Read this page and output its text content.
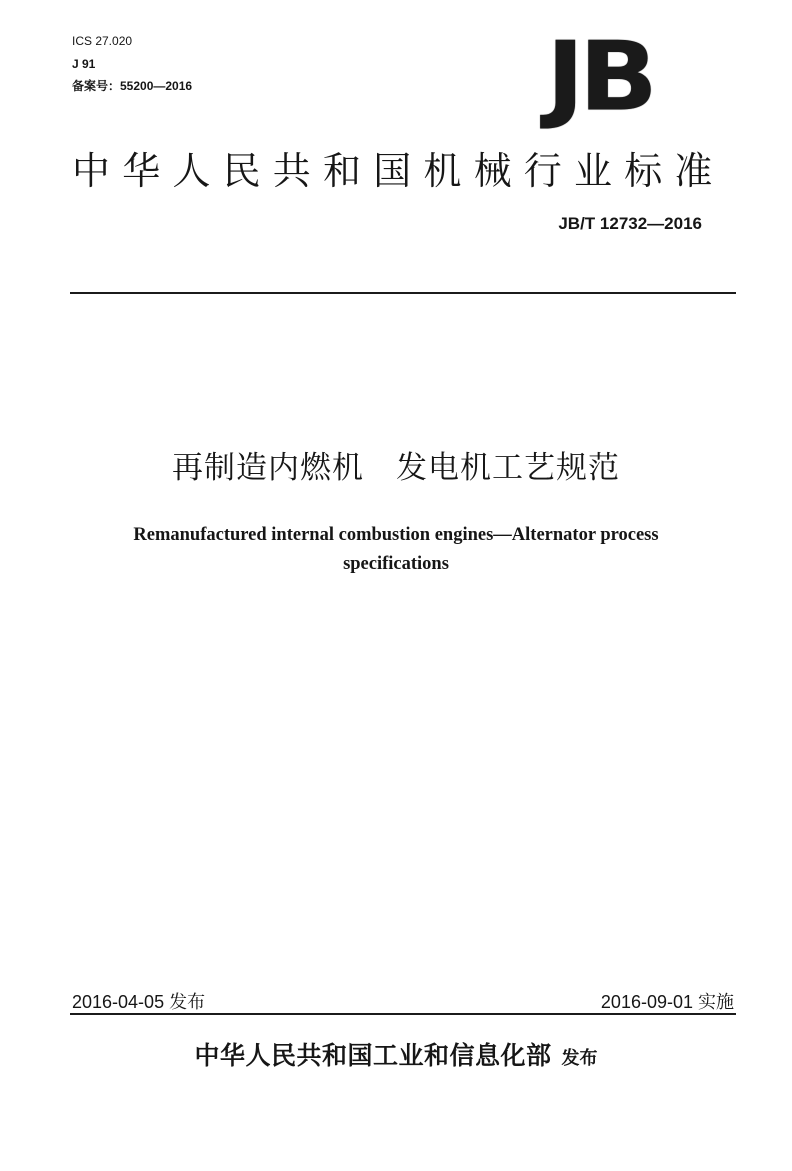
ICS 27.020
J 91
备案号：55200—2016	JB
中华人民共和国机械行业标准
JB/T 12732—2016
再制造内燃机　发电机工艺规范
Remanufactured internal combustion engines—Alternator process specifications
2016-04-05 发布	2016-09-01 实施
中华人民共和国工业和信息化部 发布
